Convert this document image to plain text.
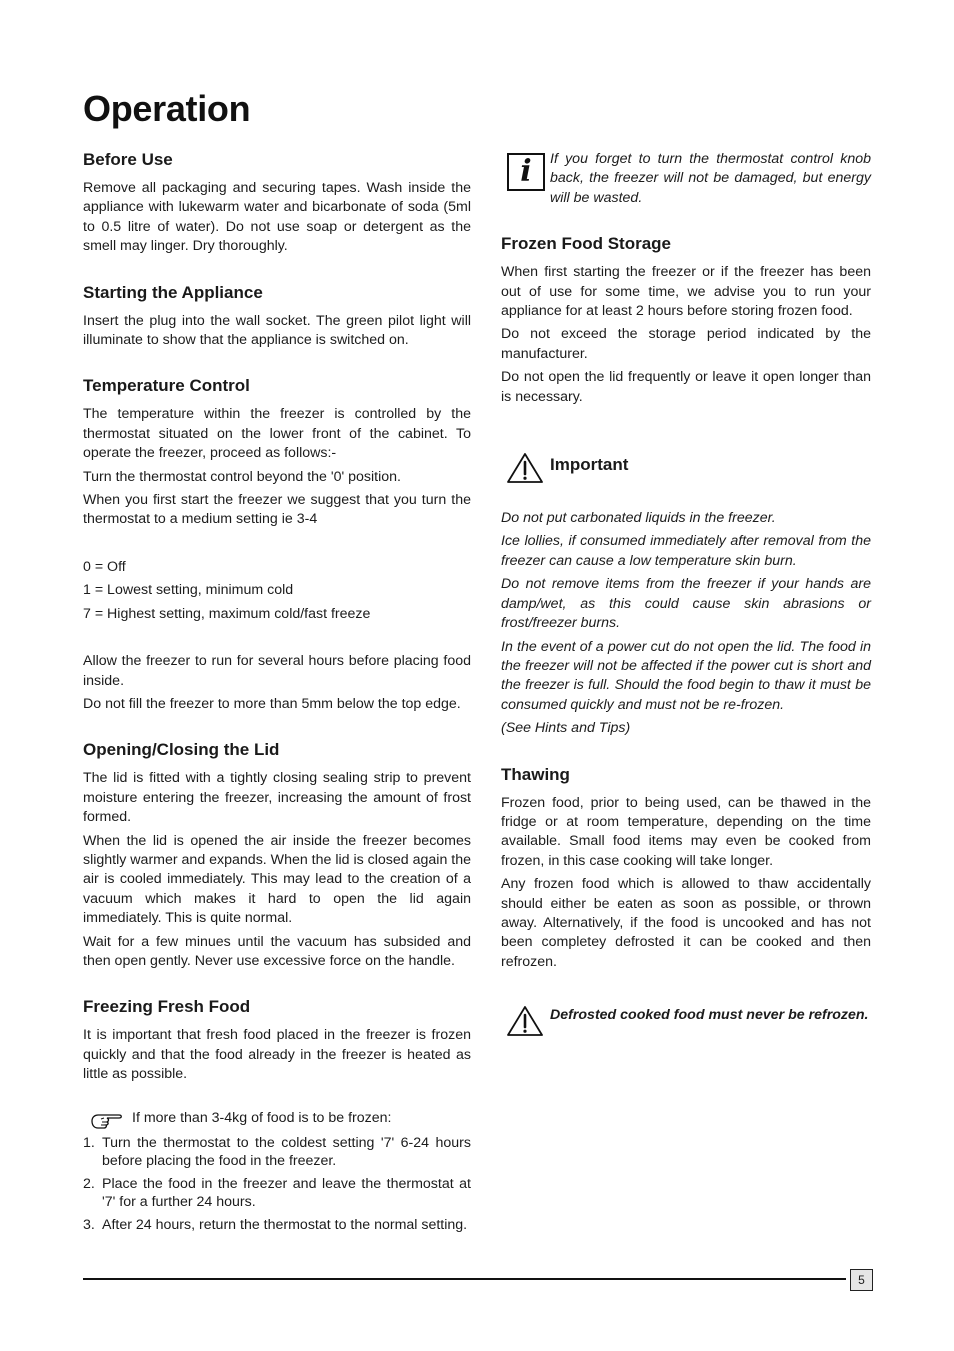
Operation
Before Use

Remove all packaging and securing tapes. Wash inside the appliance with lukewarm water and bicarbonate of soda (5ml to 0.5 litre of water). Do not use soap or detergent as the smell may linger. Dry thoroughly.

Starting the Appliance

Insert the plug into the wall socket. The green pilot light will illuminate to show that the appliance is switched on.

Temperature Control

The temperature within the freezer is controlled by the thermostat situated on the lower front of the cabinet. To operate the freezer, proceed as follows:-

Turn the thermostat control beyond the '0' position.

When you first start the freezer we suggest that you turn the thermostat to a medium setting ie 3-4

0 = Off

1 = Lowest setting, minimum cold

7 = Highest setting, maximum cold/fast freeze

Allow the freezer to run for several hours before placing food inside.

Do not fill the freezer to more than 5mm below the top edge.

Opening/Closing the Lid

The lid is fitted with a tightly closing sealing strip to prevent moisture entering the freezer, increasing the amount of frost formed.

When the lid is opened the air inside the freezer becomes slightly warmer and expands. When the lid is closed again the air is cooled immediately. This may lead to the creation of a vacuum which makes it hard to open the lid again immediately. This is quite normal.

Wait for a few minues until the vacuum has subsided and then open gently. Never use excessive force on the handle.

Freezing Fresh Food

It is important that fresh food placed in the freezer is frozen quickly and that the food already in the freezer is heated as little as possible.

If more than 3-4kg of food is to be frozen:
1. Turn the thermostat to the coldest setting '7' 6-24 hours before placing the food in the freezer.
2. Place the food in the freezer and leave the thermostat at '7' for a further 24 hours.
3. After 24 hours, return the thermostat to the normal setting.
i	If you forget to turn the thermostat control knob back, the freezer will not be damaged, but energy will be wasted.

Frozen Food Storage

When first starting the freezer or if the freezer has been out of use for some time, we advise you to run your appliance for at least 2 hours before storing frozen food.

Do not exceed the storage period indicated by the manufacturer.

Do not open the lid frequently or leave it open longer than is necessary.

Important

Do not put carbonated liquids in the freezer.

Ice lollies, if consumed immediately after removal from the freezer can cause a low temperature skin burn.

Do not remove items from the freezer if your hands are damp/wet, as this could cause skin abrasions or frost/freezer burns.

In the event of a power cut do not open the lid. The food in the freezer will not be affected if the power cut is short and the freezer is full. Should the food begin to thaw it must be consumed quickly and must not be re-frozen.

(See Hints and Tips)

Thawing

Frozen food, prior to being used, can be thawed in the fridge or at room temperature, depending on the time available. Small food items may even be cooked from frozen, in this case cooking will take longer.

Any frozen food which is allowed to thaw accidentally should either be eaten as soon as possible, or thrown away. Alternatively, if the food is uncooked and has not been completey defrosted it can be cooked and then refrozen.

Defrosted cooked food must never be refrozen.

5
